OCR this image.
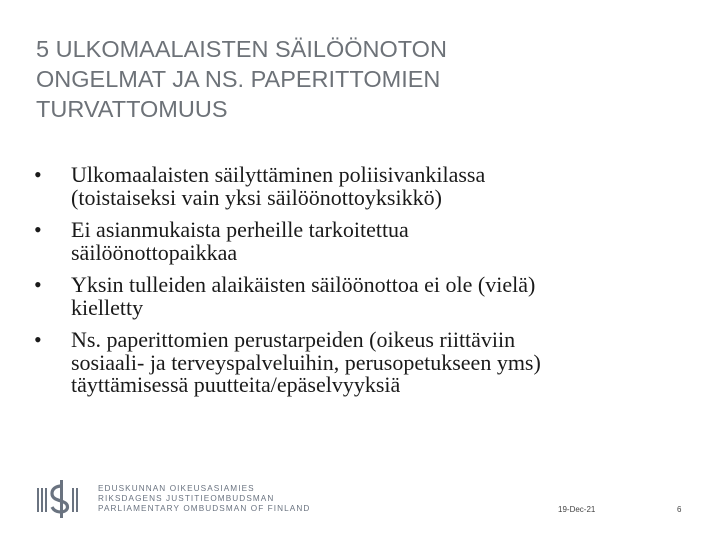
5 ULKOMAALAISTEN SÄILÖÖNOTON
ONGELMAT JA NS. PAPERITTOMIEN
TURVATTOMUUS
• Ulkomaalaisten säilyttäminen poliisivankilassa
(toistaiseksi vain yksi säilöönottoyksikkö)
• Ei asianmukaista perheille tarkoitettua
säilöönottopaikkaa
• Yksin tulleiden alaikäisten säilöönottoa ei ole (vielä)
kielletty
• Ns. paperittomien perustarpeiden (oikeus riittäviin
sosiaali- ja terveyspalveluihin, perusopetukseen yms)
täyttämisessä puutteita/epäselvyyksiä
EDUSKUNNAN OIKEUSASIAMIES
RIKSDAGENS JUSTITIEOMBUDSMAN
PARLIAMENTARY OMBUDSMAN OF FINLAND	19-Dec-21	6
